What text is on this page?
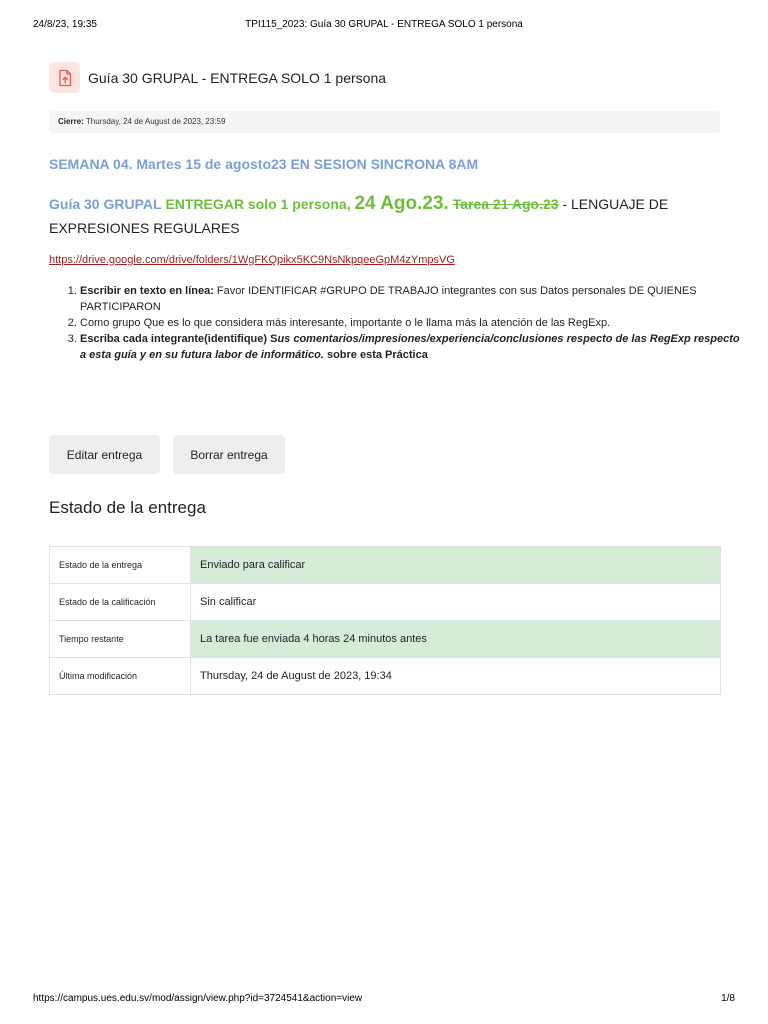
24/8/23, 19:35	TPI115_2023: Guía 30 GRUPAL - ENTREGA SOLO 1 persona
Guía 30 GRUPAL - ENTREGA SOLO 1 persona
Cierre: Thursday, 24 de August de 2023, 23:59
SEMANA 04. Martes 15 de agosto23 EN SESION SINCRONA 8AM
Guía 30 GRUPAL ENTREGAR solo 1 persona, 24 Ago.23. Tarea 21 Ago.23 - LENGUAJE DE EXPRESIONES REGULARES
https://drive.google.com/drive/folders/1WgFKQpikx5KC9NsNkpqeeGpM4zYmpsVG
1. Escribir en texto en línea: Favor IDENTIFICAR #GRUPO DE TRABAJO integrantes con sus Datos personales DE QUIENES PARTICIPARON
2. Como grupo Que es lo que considera más interesante, importante o le llama más la atención de las RegExp.
3. Escriba cada integrante(identifique) Sus comentarios/impresiones/experiencia/conclusiones respecto de las RegExp respecto a esta guía y en su futura labor de informático. sobre esta Práctica
Editar entrega	Borrar entrega
Estado de la entrega
Estado de la entrega	Enviado para calificar
Estado de la calificación	Sin calificar
Tiempo restante	La tarea fue enviada 4 horas 24 minutos antes
Última modificación	Thursday, 24 de August de 2023, 19:34
https://campus.ues.edu.sv/mod/assign/view.php?id=3724541&action=view	1/8
